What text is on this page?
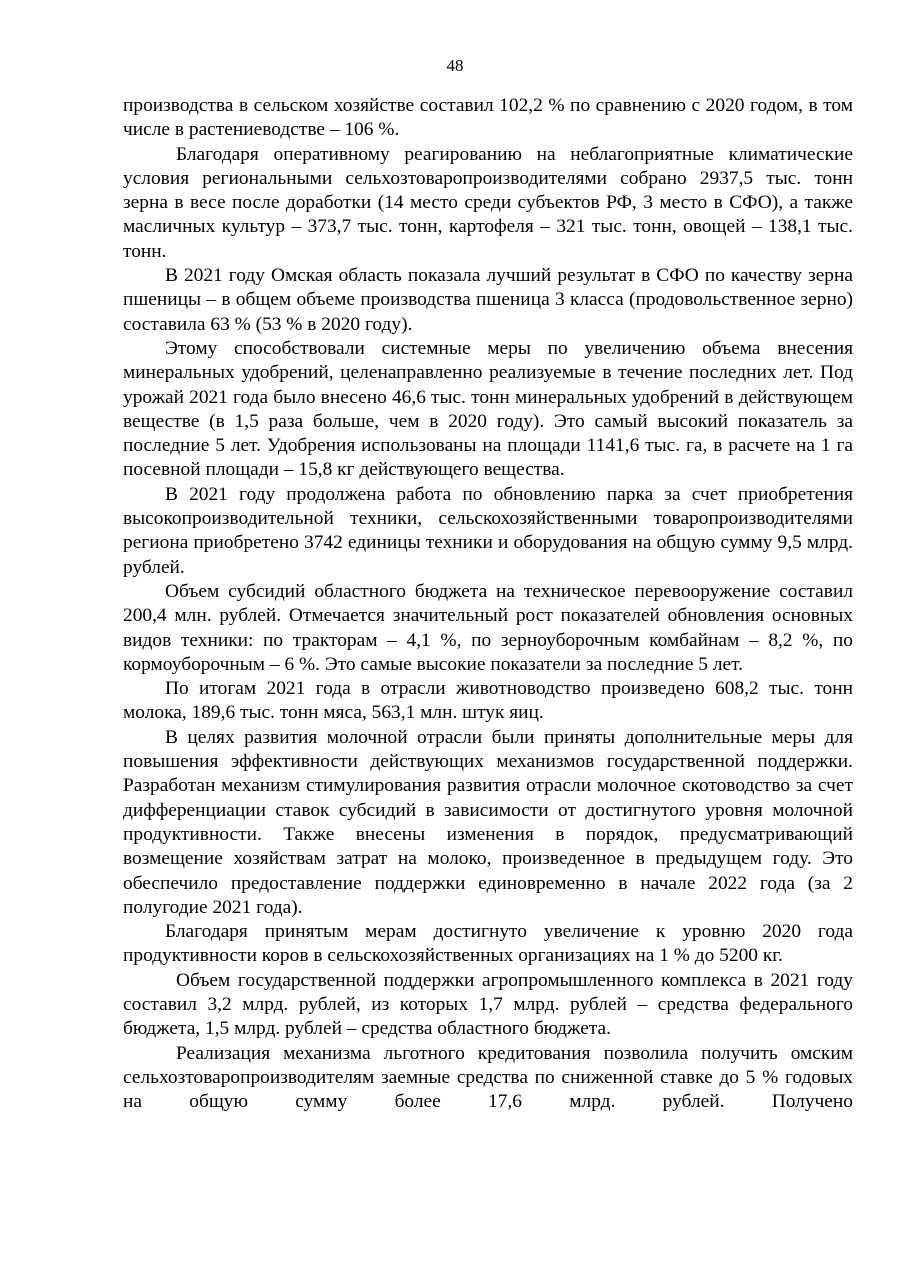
48

производства в сельском хозяйстве составил 102,2 % по сравнению с 2020 годом, в том числе в растениеводстве – 106 %.

Благодаря оперативному реагированию на неблагоприятные климатические условия региональными сельхозтоваропроизводителями собрано 2937,5 тыс. тонн зерна в весе после доработки (14 место среди субъектов РФ, 3 место в СФО), а также масличных культур – 373,7 тыс. тонн, картофеля – 321 тыс. тонн, овощей – 138,1 тыс. тонн.

В 2021 году Омская область показала лучший результат в СФО по качеству зерна пшеницы – в общем объеме производства пшеница 3 класса (продовольственное зерно) составила 63 % (53 % в 2020 году).

Этому способствовали системные меры по увеличению объема внесения минеральных удобрений, целенаправленно реализуемые в течение последних лет. Под урожай 2021 года было внесено 46,6 тыс. тонн минеральных удобрений в действующем веществе (в 1,5 раза больше, чем в 2020 году). Это самый высокий показатель за последние 5 лет. Удобрения использованы на площади 1141,6 тыс. га, в расчете на 1 га посевной площади – 15,8 кг действующего вещества.

В 2021 году продолжена работа по обновлению парка за счет приобретения высокопроизводительной техники, сельскохозяйственными товаропроизводителями региона приобретено 3742 единицы техники и оборудования на общую сумму 9,5 млрд. рублей.

Объем субсидий областного бюджета на техническое перевооружение составил 200,4 млн. рублей. Отмечается значительный рост показателей обновления основных видов техники: по тракторам – 4,1 %, по зерноуборочным комбайнам – 8,2 %, по кормоуборочным – 6 %. Это самые высокие показатели за последние 5 лет.

По итогам 2021 года в отрасли животноводство произведено 608,2 тыс. тонн молока, 189,6 тыс. тонн мяса, 563,1 млн. штук яиц.

В целях развития молочной отрасли были приняты дополнительные меры для повышения эффективности действующих механизмов государственной поддержки. Разработан механизм стимулирования развития отрасли молочное скотоводство за счет дифференциации ставок субсидий в зависимости от достигнутого уровня молочной продуктивности. Также внесены изменения в порядок, предусматривающий возмещение хозяйствам затрат на молоко, произведенное в предыдущем году. Это обеспечило предоставление поддержки единовременно в начале 2022 года (за 2 полугодие 2021 года).

Благодаря принятым мерам достигнуто увеличение к уровню 2020 года продуктивности коров в сельскохозяйственных организациях на 1 % до 5200 кг.

Объем государственной поддержки агропромышленного комплекса в 2021 году составил 3,2 млрд. рублей, из которых 1,7 млрд. рублей – средства федерального бюджета, 1,5 млрд. рублей – средства областного бюджета.

Реализация механизма льготного кредитования позволила получить омским сельхозтоваропроизводителям заемные средства по сниженной ставке до 5 % годовых на общую сумму более 17,6 млрд. рублей. Получено
